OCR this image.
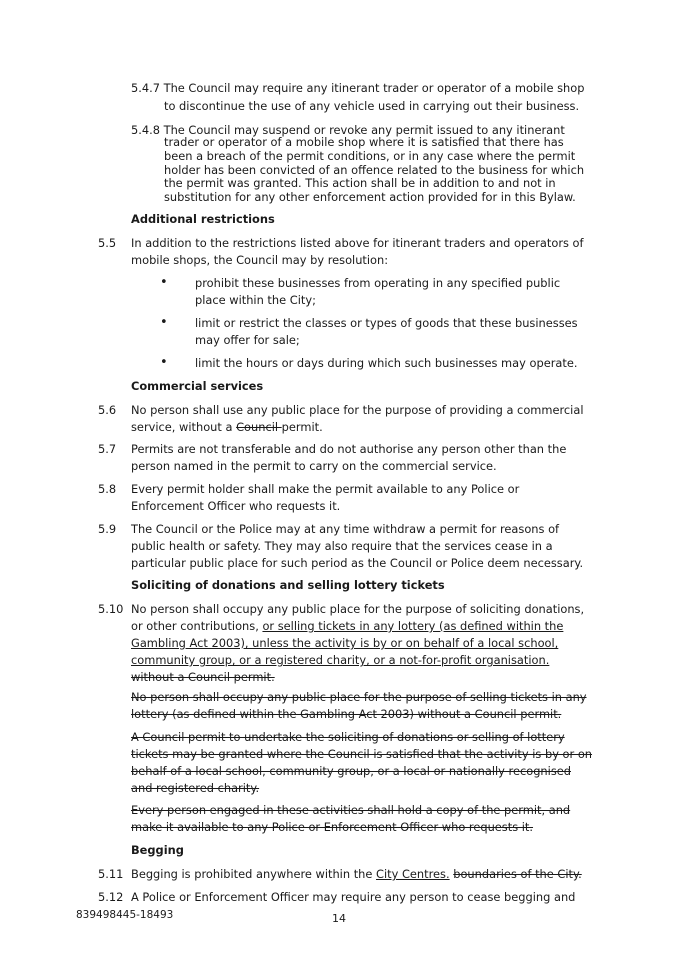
5.4.7 The Council may require any itinerant trader or operator of a mobile shop
to discontinue the use of any vehicle used in carrying out their business.
5.4.8 The Council may suspend or revoke any permit issued to any itinerant
trader or operator of a mobile shop where it is satisfied that there has
been a breach of the permit conditions, or in any case where the permit
holder has been convicted of an offence related to the business for which
the permit was granted. This action shall be in addition to and not in
substitution for any other enforcement action provided for in this Bylaw.
Additional restrictions
5.5 In addition to the restrictions listed above for itinerant traders and operators of
mobile shops, the Council may by resolution:
• prohibit these businesses from operating in any specified public
place within the City;
• limit or restrict the classes or types of goods that these businesses
may offer for sale;
• limit the hours or days during which such businesses may operate.
Commercial services
5.6 No person shall use any public place for the purpose of providing a commercial
service, without a Council permit.
5.7 Permits are not transferable and do not authorise any person other than the
person named in the permit to carry on the commercial service.
5.8 Every permit holder shall make the permit available to any Police or
Enforcement Officer who requests it.
5.9 The Council or the Police may at any time withdraw a permit for reasons of
public health or safety. They may also require that the services cease in a
particular public place for such period as the Council or Police deem necessary.
Soliciting of donations and selling lottery tickets
5.10 No person shall occupy any public place for the purpose of soliciting donations,
or other contributions, or selling tickets in any lottery (as defined within the
Gambling Act 2003), unless the activity is by or on behalf of a local school,
community group, or a registered charity, or a not-for-profit organisation.
without a Council permit.
No person shall occupy any public place for the purpose of selling tickets in any
lottery (as defined within the Gambling Act 2003) without a Council permit.
A Council permit to undertake the soliciting of donations or selling of lottery
tickets may be granted where the Council is satisfied that the activity is by or on
behalf of a local school, community group, or a local or nationally recognised
and registered charity.
Every person engaged in these activities shall hold a copy of the permit, and
make it available to any Police or Enforcement Officer who requests it.
Begging
5.11 Begging is prohibited anywhere within the City Centres. boundaries of the City.
5.12 A Police or Enforcement Officer may require any person to cease begging and
839498445-18493	14
